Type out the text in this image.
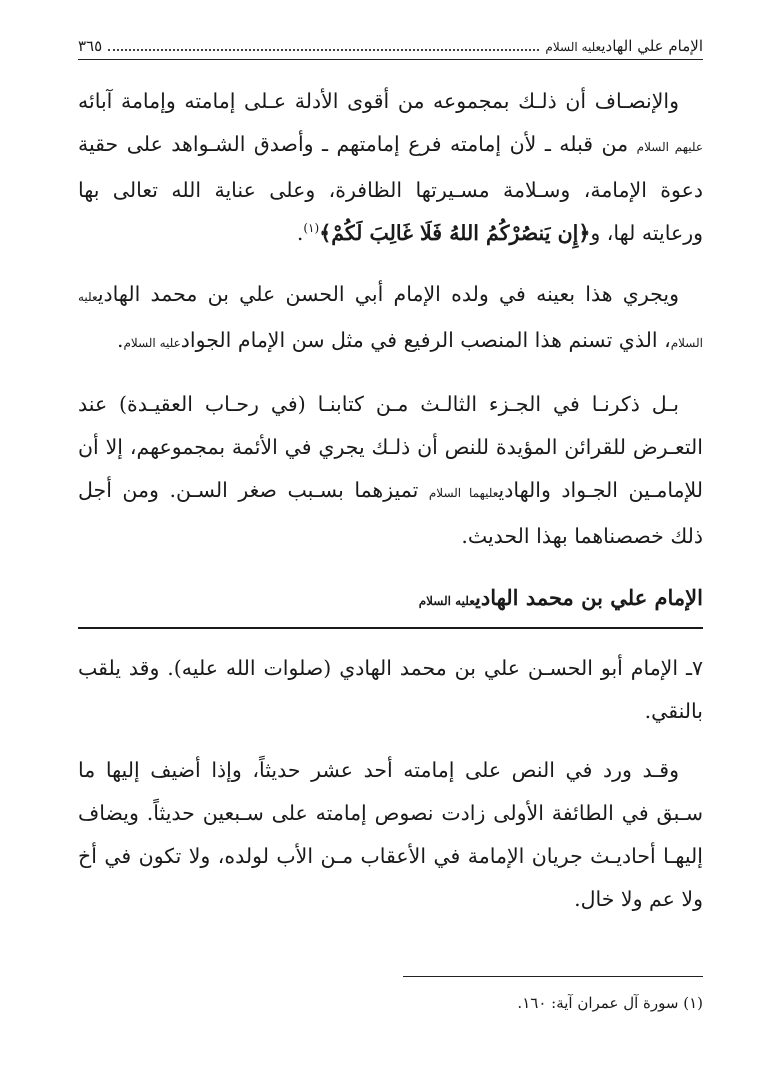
الإمام علي الهاديعليه السلام
٣٦٥

والإنصـاف أن ذلـك بمجموعه من أقوى الأدلة عـلى إمامته وإمامة آبائه عليهم السلام من قبله ـ لأن إمامته فرع إمامتهم ـ وأصدق الشـواهد على حقية دعوة الإمامة، وسـلامة مسـيرتها الظافرة، وعلى عناية الله تعالى بها ورعايته لها، و﴿إِن يَنصُرْكُمُ اللهُ فَلَا غَالِبَ لَكُمْ﴾$^{(١)}$.

ويجري هذا بعينه في ولده الإمام أبي الحسن علي بن محمد الهاديعليه السلام، الذي تسنم هذا المنصب الرفيع في مثل سن الإمام الجوادعليه السلام.

بـل ذكرنـا في الجـزء الثالـث مـن كتابنـا (في رحـاب العقيـدة) عند التعـرض للقرائن المؤيدة للنص أن ذلـك يجري في الأئمة بمجموعهم، إلا أن للإمامـين الجـواد والهاديعليهما السلام تميزهما بسـبب صغر السـن. ومن أجل ذلك خصصناهما بهذا الحديث.

الإمام علي بن محمد الهاديعليه السلام

٧ـ الإمام أبو الحسـن علي بن محمد الهادي (صلوات الله عليه). وقد يلقب بالنقي.

وقـد ورد في النص على إمامته أحد عشر حديثاً، وإذا أضيف إليها ما سـبق في الطائفة الأولى زادت نصوص إمامته على سـبعين حديثاً. ويضاف إليهـا أحاديـث جريان الإمامة في الأعقاب مـن الأب لولده، ولا تكون في أخ ولا عم ولا خال.

(١) سورة آل عمران آية: ١٦٠.
